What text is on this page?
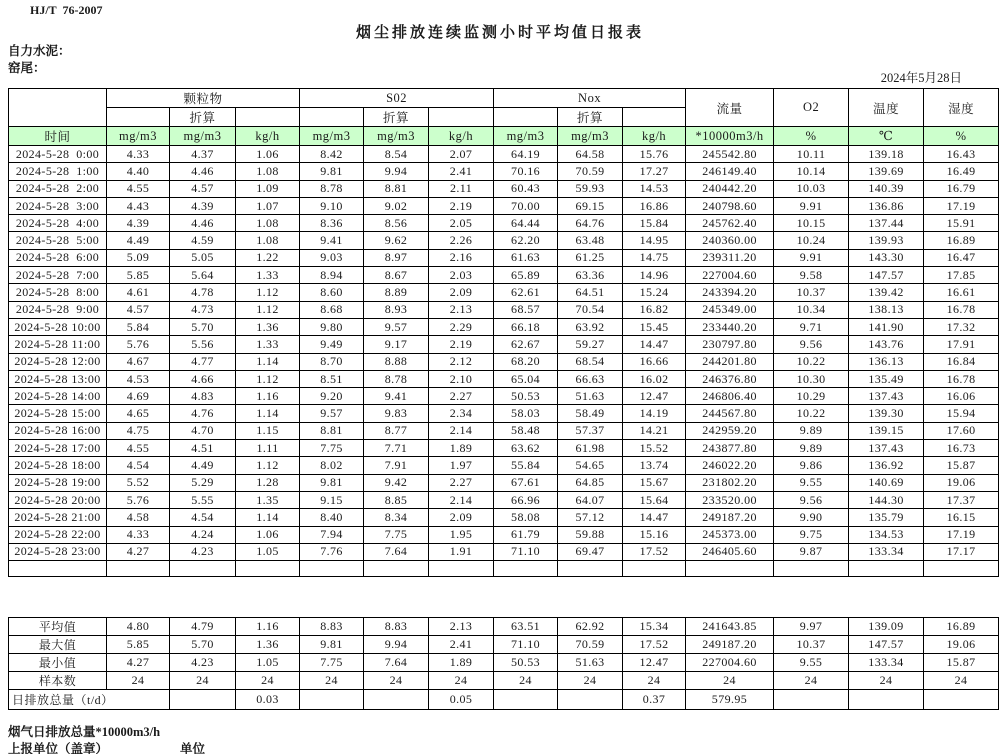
HJ/T  76-2007
烟尘排放连续监测小时平均值日报表
自力水泥：
窑尾：
2024年5月28日
	颗粒物			S02			Nox			流量	O2	温度	湿度
		折算			折算			折算					
时间	mg/m3	mg/m3	kg/h	mg/m3	mg/m3	kg/h	mg/m3	mg/m3	kg/h	*10000m3/h	%	℃	%
2024-5-28  0:00	4.33	4.37	1.06	8.42	8.54	2.07	64.19	64.58	15.76	245542.80	10.11	139.18	16.43
2024-5-28  1:00	4.40	4.46	1.08	9.81	9.94	2.41	70.16	70.59	17.27	246149.40	10.14	139.69	16.49
2024-5-28  2:00	4.55	4.57	1.09	8.78	8.81	2.11	60.43	59.93	14.53	240442.20	10.03	140.39	16.79
2024-5-28  3:00	4.43	4.39	1.07	9.10	9.02	2.19	70.00	69.15	16.86	240798.60	9.91	136.86	17.19
2024-5-28  4:00	4.39	4.46	1.08	8.36	8.56	2.05	64.44	64.76	15.84	245762.40	10.15	137.44	15.91
2024-5-28  5:00	4.49	4.59	1.08	9.41	9.62	2.26	62.20	63.48	14.95	240360.00	10.24	139.93	16.89
2024-5-28  6:00	5.09	5.05	1.22	9.03	8.97	2.16	61.63	61.25	14.75	239311.20	9.91	143.30	16.47
2024-5-28  7:00	5.85	5.64	1.33	8.94	8.67	2.03	65.89	63.36	14.96	227004.60	9.58	147.57	17.85
2024-5-28  8:00	4.61	4.78	1.12	8.60	8.89	2.09	62.61	64.51	15.24	243394.20	10.37	139.42	16.61
2024-5-28  9:00	4.57	4.73	1.12	8.68	8.93	2.13	68.57	70.54	16.82	245349.00	10.34	138.13	16.78
2024-5-28 10:00	5.84	5.70	1.36	9.80	9.57	2.29	66.18	63.92	15.45	233440.20	9.71	141.90	17.32
2024-5-28 11:00	5.76	5.56	1.33	9.49	9.17	2.19	62.67	59.27	14.47	230797.80	9.56	143.76	17.91
2024-5-28 12:00	4.67	4.77	1.14	8.70	8.88	2.12	68.20	68.54	16.66	244201.80	10.22	136.13	16.84
2024-5-28 13:00	4.53	4.66	1.12	8.51	8.78	2.10	65.04	66.63	16.02	246376.80	10.30	135.49	16.78
2024-5-28 14:00	4.69	4.83	1.16	9.20	9.41	2.27	50.53	51.63	12.47	246806.40	10.29	137.43	16.06
2024-5-28 15:00	4.65	4.76	1.14	9.57	9.83	2.34	58.03	58.49	14.19	244567.80	10.22	139.30	15.94
2024-5-28 16:00	4.75	4.70	1.15	8.81	8.77	2.14	58.48	57.37	14.21	242959.20	9.89	139.15	17.60
2024-5-28 17:00	4.55	4.51	1.11	7.75	7.71	1.89	63.62	61.98	15.52	243877.80	9.89	137.43	16.73
2024-5-28 18:00	4.54	4.49	1.12	8.02	7.91	1.97	55.84	54.65	13.74	246022.20	9.86	136.92	15.87
2024-5-28 19:00	5.52	5.29	1.28	9.81	9.42	2.27	67.61	64.85	15.67	231802.20	9.55	140.69	19.06
2024-5-28 20:00	5.76	5.55	1.35	9.15	8.85	2.14	66.96	64.07	15.64	233520.00	9.56	144.30	17.37
2024-5-28 21:00	4.58	4.54	1.14	8.40	8.34	2.09	58.08	57.12	14.47	249187.20	9.90	135.79	16.15
2024-5-28 22:00	4.33	4.24	1.06	7.94	7.75	1.95	61.79	59.88	15.16	245373.00	9.75	134.53	17.19
2024-5-28 23:00	4.27	4.23	1.05	7.76	7.64	1.91	71.10	69.47	17.52	246405.60	9.87	133.34	17.17

平均值	4.80	4.79	1.16	8.83	8.83	2.13	63.51	62.92	15.34	241643.85	9.97	139.09	16.89
最大值	5.85	5.70	1.36	9.81	9.94	2.41	71.10	70.59	17.52	249187.20	10.37	147.57	19.06
最小值	4.27	4.23	1.05	7.75	7.64	1.89	50.53	51.63	12.47	227004.60	9.55	133.34	15.87
样本数	24	24	24	24	24	24	24	24	24	24	24	24	24
日排放总量（t/d）			0.03			0.05			0.37	579.95			
烟气日排放总量*10000m3/h
上报单位（盖章）	单位
